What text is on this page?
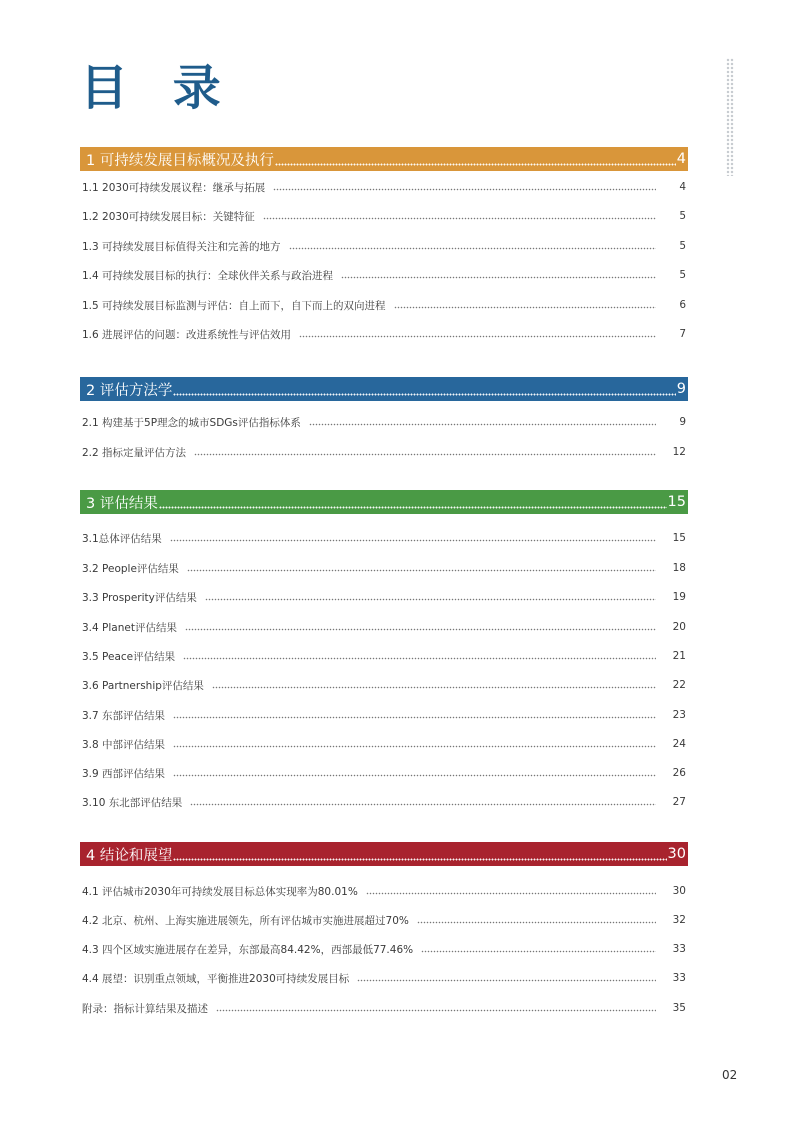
目 录
1 可持续发展目标概况及执行	4
1.1 2030可持续发展议程：继承与拓展	4
1.2 2030可持续发展目标：关键特征	5
1.3 可持续发展目标值得关注和完善的地方	5
1.4 可持续发展目标的执行：全球伙伴关系与政治进程	5
1.5 可持续发展目标监测与评估：自上而下，自下而上的双向进程	6
1.6 进展评估的问题：改进系统性与评估效用	7
2 评估方法学	9
2.1 构建基于5P理念的城市SDGs评估指标体系	9
2.2 指标定量评估方法	12
3 评估结果	15
3.1总体评估结果	15
3.2 People评估结果	18
3.3 Prosperity评估结果	19
3.4 Planet评估结果	20
3.5 Peace评估结果	21
3.6 Partnership评估结果	22
3.7 东部评估结果	23
3.8 中部评估结果	24
3.9 西部评估结果	26
3.10 东北部评估结果	27
4 结论和展望	30
4.1 评估城市2030年可持续发展目标总体实现率为80.01%	30
4.2 北京、杭州、上海实施进展领先，所有评估城市实施进展超过70%	32
4.3 四个区域实施进展存在差异，东部最高84.42%，西部最低77.46%	33
4.4 展望：识别重点领域，平衡推进2030可持续发展目标	33
附录：指标计算结果及描述	35
02
